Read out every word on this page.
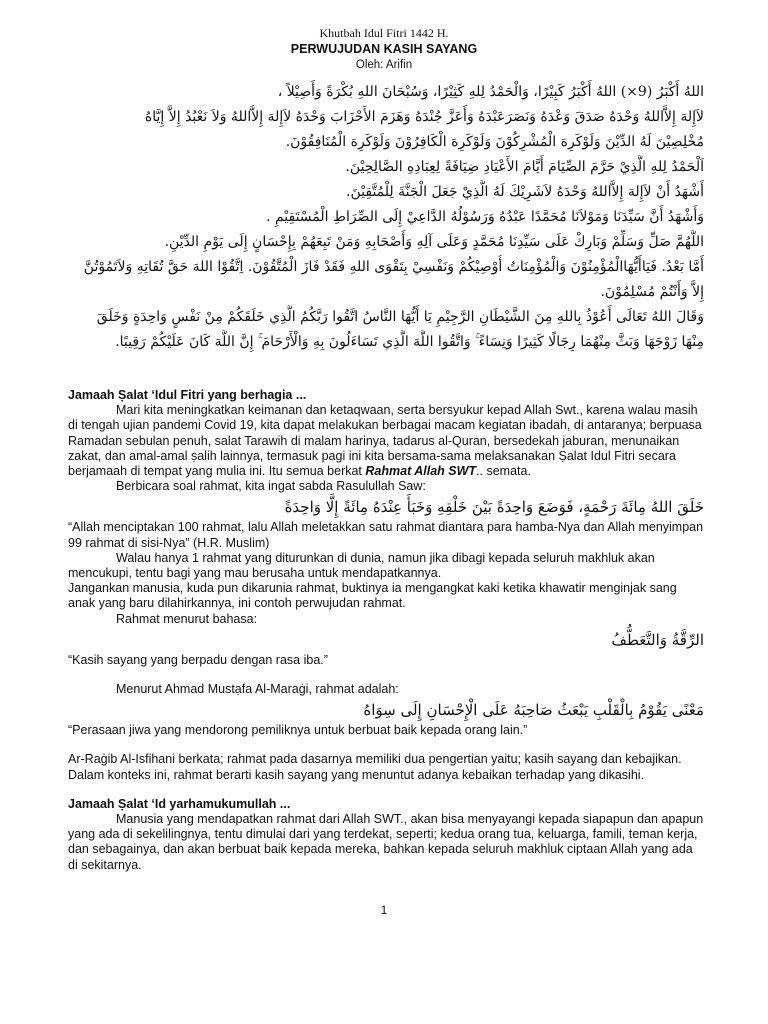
Khutbah Idul Fitri 1442 H.
PERWUJUDAN KASIH SAYANG
Oleh: Arifin

اللهُ أَكْبَرُ (9×) اللهُ أَكْبَرُ كَبِيْرًا، وَالْحَمْدُ لِلهِ كَثِيْرًا، وَسُبْحَانَ اللهِ بُكْرَةً وَأَصِيْلاً ،

لاَإِلهَ إِلاَّاللهُ وَحْدَهُ صَدَقَ وَعْدَهُ وَنَصَرَعَبْدَهُ وَأَعَزَّ جُنْدَهُ وَهَزَمَ الأَحْزَابَ وَحْدَهُ لاَإِلهَ إِلاَّاللهُ وَلاَ نَعْبُدُ إِلاَّ إِيَّاهُ

مُخْلِصِيْنَ لَهُ الدِّيْنَ وَلَوْكَرِهَ الْمُشْرِكُوْنَ وَلَوْكَرِهَ الْكَافِرُوْنَ وَلَوْكَرِهَ الْمُنَافِقُوْنَ.

اَلْحَمْدُ لِلهِ الَّذِيْ حَرَّمَ الصِّيَامَ أَيَّامَ الأَعْيَادِ ضِيَافَةً لِعِبَادِهِ الصَّالِحِيْنَ.

أَشْهَدُ أَنْ لاَإِلهَ إِلاَّاللهُ وَحْدَهُ لاَشَرِيْكَ لَهُ الَّذِيْ جَعَلَ الْجَنَّةَ لِلْمُتَّقِيْنَ.

وَأَشْهَدُ أَنَّ سَيِّدَنَا وَمَوْلاَنَا مُحَمَّدًا عَبْدُهُ وَرَسُوْلُهُ الدَّاعِيْ إِلَى الصِّرَاطِ الْمُسْتَقِيْمِ .

اللَّهُمَّ صَلِّ وَسَلِّمْ وَبَارِكْ عَلَى سَيِّدِنَا مُحَمَّدٍ وَعَلَى آلِهِ وَأَصْحَابِهِ وَمَنْ تَبِعَهُمْ بِإِحْسَانٍ إِلَى يَوْمِ الدِّيْنِ.

أَمَّا بَعْدُ. فَيَاأَيُّهَاالْمُؤْمِنُوْنَ وَالْمُؤْمِنَاتُ أُوْصِيْكُمْ وَنَفْسِيْ بِتَقْوَى اللهِ فَقَدْ فَازَ الْمُتَّقُوْنَ. اِتَّقُوْا اللهَ حَقَّ تُقَاتِهِ وَلاَتَمُوْتُنَّ

إِلاَّ وَأَنْتُمْ مُسْلِمُوْنَ.

وَقَالَ اللهُ تَعَالَى أَعُوْذُ بِاللهِ مِنَ الشَّيْطَانِ الرَّجِيْمِ يَا أَيُّهَا النَّاسُ اتَّقُوا رَبَّكُمُ الَّذِي خَلَقَكُمْ مِنْ نَفْسٍ وَاحِدَةٍ وَخَلَقَ

مِنْهَا زَوْجَهَا وَبَثَّ مِنْهُمَا رِجَالًا كَثِيرًا وَنِسَاءً ۚ وَاتَّقُوا اللَّهَ الَّذِي تَسَاءَلُونَ بِهِ وَالْأَرْحَامَ ۚ إِنَّ اللَّهَ كَانَ عَلَيْكُمْ رَقِيبًا.

Jamaah Ṣalat ‘Idul Fitri yang berhagia ...

Mari kita meningkatkan keimanan dan ketaqwaan, serta bersyukur kepad Allah Swt., karena walau masih di tengah ujian pandemi Covid 19, kita dapat melakukan berbagai macam kegiatan ibadah, di antaranya; berpuasa Ramadan sebulan penuh, salat Tarawih di malam harinya, tadarus al-Quran, bersedekah jaburan, menunaikan zakat, dan amal-amal ṣalih lainnya, termasuk pagi ini kita bersama-sama melaksanakan Ṣalat Idul Fitri secara berjamaah di tempat yang mulia ini. Itu semua berkat Rahmat Allah SWT.. semata.

Berbicara soal rahmat, kita ingat sabda Rasulullah Saw:

خَلَقَ اللهُ مِائَةَ رَحْمَةٍ، فَوَضَعَ وَاحِدَةً بَيْنَ خَلْقِهِ وَخَبَأَ عِنْدَهُ مِائَةً إِلَّا وَاحِدَةً

“Allah menciptakan 100 rahmat, lalu Allah meletakkan satu rahmat diantara para hamba-Nya dan Allah menyimpan 99 rahmat di sisi-Nya” (H.R. Muslim)

Walau hanya 1 rahmat yang diturunkan di dunia, namun jika dibagi kepada seluruh makhluk akan mencukupi, tentu bagi yang mau berusaha untuk mendapatkannya.

Jangankan manusia, kuda pun dikarunia rahmat, buktinya ia mengangkat kaki ketika khawatir menginjak sang anak yang baru dilahirkannya, ini contoh perwujudan rahmat.

Rahmat menurut bahasa:

الرِّقَّةُ وَالتَّعَطُّفُ

“Kasih sayang yang berpadu dengan rasa iba.”

Menurut Ahmad Mustạfa Al-Maraġi, rahmat adalah:

مَعْنًى يَقُوْمُ بِالْقَلْبِ يَبْعَثُ صَاحِبَهُ عَلَى الْإِحْسَانِ إِلَى سِوَاهُ

“Perasaan jiwa yang mendorong pemiliknya untuk berbuat baik kepada orang lain.”

Ar-Raġib Al-Isfihani berkata; rahmat pada dasarnya memiliki dua pengertian yaitu; kasih sayang dan kebajikan.

Dalam konteks ini, rahmat berarti kasih sayang yang menuntut adanya kebaikan terhadap yang dikasihi.

Jamaah Ṣalat ‘Id yarhamukumullah ...

Manusia yang mendapatkan rahmat dari Allah SWT., akan bisa menyayangi kepada siapapun dan apapun yang ada di sekelilingnya, tentu dimulai dari yang terdekat, seperti; kedua orang tua, keluarga, famili, teman kerja, dan sebagainya, dan akan berbuat baik kepada mereka, bahkan kepada seluruh makhluk ciptaan Allah yang ada di sekitarnya.

1
